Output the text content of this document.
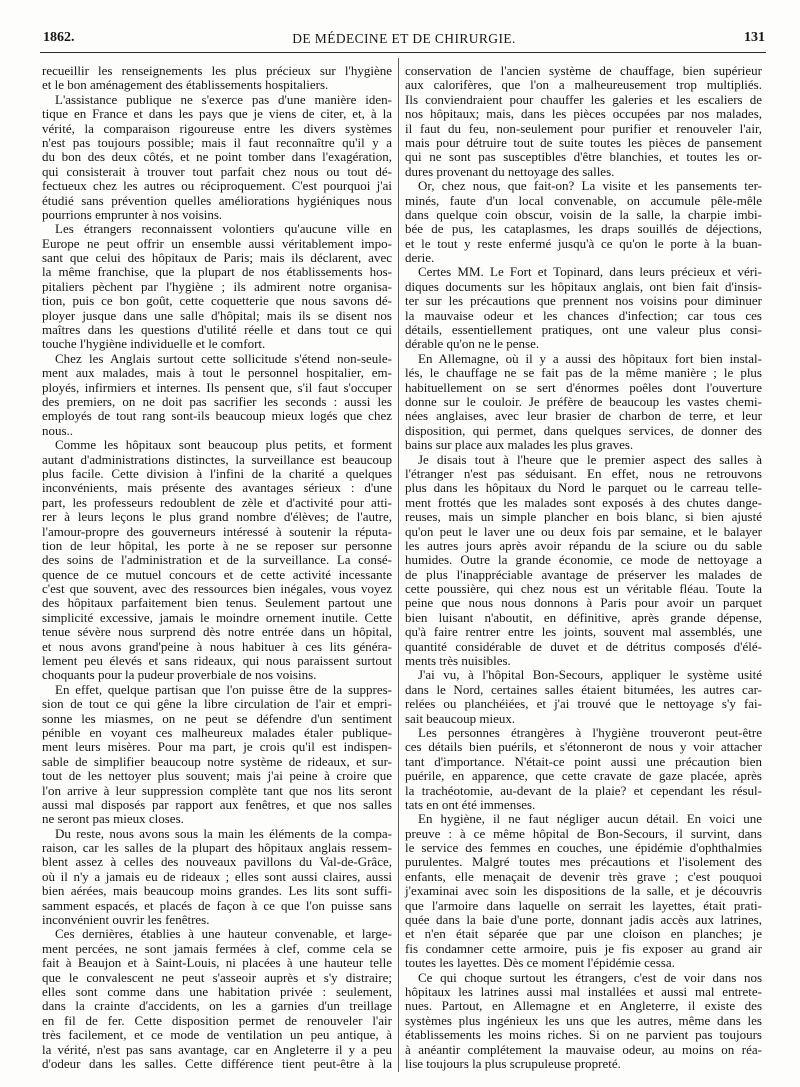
1862.	DE MÉDECINE ET DE CHIRURGIE.	131
recueillir les renseignements les plus précieux sur l'hygiène
et le bon aménagement des établissements hospitaliers.
L'assistance publique ne s'exerce pas d'une manière iden-
tique en France et dans les pays que je viens de citer, et, à la
vérité, la comparaison rigoureuse entre les divers systèmes
n'est pas toujours possible; mais il faut reconnaître qu'il y a
du bon des deux côtés, et ne point tomber dans l'exagération,
qui consisterait à trouver tout parfait chez nous ou tout dé-
fectueux chez les autres ou réciproquement. C'est pourquoi j'ai
étudié sans prévention quelles améliorations hygiéniques nous
pourrions emprunter à nos voisins.
Les étrangers reconnaissent volontiers qu'aucune ville en
Europe ne peut offrir un ensemble aussi véritablement impo-
sant que celui des hôpitaux de Paris; mais ils déclarent, avec
la même franchise, que la plupart de nos établissements hos-
pitaliers pèchent par l'hygiène ; ils admirent notre organisa-
tion, puis ce bon goût, cette coquetterie que nous savons dé-
ployer jusque dans une salle d'hôpital; mais ils se disent nos
maîtres dans les questions d'utilité réelle et dans tout ce qui
touche l'hygiène individuelle et le comfort.
Chez les Anglais surtout cette sollicitude s'étend non-seule-
ment aux malades, mais à tout le personnel hospitalier, em-
ployés, infirmiers et internes. Ils pensent que, s'il faut s'occuper
des premiers, on ne doit pas sacrifier les seconds : aussi les
employés de tout rang sont-ils beaucoup mieux logés que chez
nous..
Comme les hôpitaux sont beaucoup plus petits, et forment
autant d'administrations distinctes, la surveillance est beaucoup
plus facile. Cette division à l'infini de la charité a quelques
inconvénients, mais présente des avantages sérieux : d'une
part, les professeurs redoublent de zèle et d'activité pour atti-
rer à leurs leçons le plus grand nombre d'élèves; de l'autre,
l'amour-propre des gouverneurs intéressé à soutenir la réputa-
tion de leur hôpital, les porte à ne se reposer sur personne
des soins de l'administration et de la surveillance. La consé-
quence de ce mutuel concours et de cette activité incessante
c'est que souvent, avec des ressources bien inégales, vous voyez
des hôpitaux parfaitement bien tenus. Seulement partout une
simplicité excessive, jamais le moindre ornement inutile. Cette
tenue sévère nous surprend dès notre entrée dans un hôpital,
et nous avons grand'peine à nous habituer à ces lits généra-
lement peu élevés et sans rideaux, qui nous paraissent surtout
choquants pour la pudeur proverbiale de nos voisins.
En effet, quelque partisan que l'on puisse être de la suppres-
sion de tout ce qui gêne la libre circulation de l'air et empri-
sonne les miasmes, on ne peut se défendre d'un sentiment
pénible en voyant ces malheureux malades étaler publique-
ment leurs misères. Pour ma part, je crois qu'il est indispen-
sable de simplifier beaucoup notre système de rideaux, et sur-
tout de les nettoyer plus souvent; mais j'ai peine à croire que
l'on arrive à leur suppression complète tant que nos lits seront
aussi mal disposés par rapport aux fenêtres, et que nos salles
ne seront pas mieux closes.
Du reste, nous avons sous la main les éléments de la compa-
raison, car les salles de la plupart des hôpitaux anglais ressem-
blent assez à celles des nouveaux pavillons du Val-de-Grâce,
où il n'y a jamais eu de rideaux ; elles sont aussi claires, aussi
bien aérées, mais beaucoup moins grandes. Les lits sont suffi-
samment espacés, et placés de façon à ce que l'on puisse sans
inconvénient ouvrir les fenêtres.
Ces dernières, établies à une hauteur convenable, et large-
ment percées, ne sont jamais fermées à clef, comme cela se
fait à Beaujon et à Saint-Louis, ni placées à une hauteur telle
que le convalescent ne peut s'asseoir auprès et s'y distraire;
elles sont comme dans une habitation privée : seulement,
dans la crainte d'accidents, on les a garnies d'un treillage
en fil de fer. Cette disposition permet de renouveler l'air
très facilement, et ce mode de ventilation un peu antique, à
la vérité, n'est pas sans avantage, car en Angleterre il y a peu
d'odeur dans les salles. Cette différence tient peut-être à la
conservation de l'ancien système de chauffage, bien supérieur
aux calorifères, que l'on a malheureusement trop multipliés.
Ils conviendraient pour chauffer les galeries et les escaliers de
nos hôpitaux; mais, dans les pièces occupées par nos malades,
il faut du feu, non-seulement pour purifier et renouveler l'air,
mais pour détruire tout de suite toutes les pièces de pansement
qui ne sont pas susceptibles d'être blanchies, et toutes les or-
dures provenant du nettoyage des salles.
Or, chez nous, que fait-on? La visite et les pansements ter-
minés, faute d'un local convenable, on accumule pêle-mêle
dans quelque coin obscur, voisin de la salle, la charpie imbi-
bée de pus, les cataplasmes, les draps souillés de déjections,
et le tout y reste enfermé jusqu'à ce qu'on le porte à la buan-
derie.
Certes MM. Le Fort et Topinard, dans leurs précieux et véri-
diques documents sur les hôpitaux anglais, ont bien fait d'insis-
ter sur les précautions que prennent nos voisins pour diminuer
la mauvaise odeur et les chances d'infection; car tous ces
détails, essentiellement pratiques, ont une valeur plus consi-
dérable qu'on ne le pense.
En Allemagne, où il y a aussi des hôpitaux fort bien instal-
lés, le chauffage ne se fait pas de la même manière ; le plus
habituellement on se sert d'énormes poêles dont l'ouverture
donne sur le couloir. Je préfère de beaucoup les vastes chemi-
nées anglaises, avec leur brasier de charbon de terre, et leur
disposition, qui permet, dans quelques services, de donner des
bains sur place aux malades les plus graves.
Je disais tout à l'heure que le premier aspect des salles à
l'étranger n'est pas séduisant. En effet, nous ne retrouvons
plus dans les hôpitaux du Nord le parquet ou le carreau telle-
ment frottés que les malades sont exposés à des chutes dange-
reuses, mais un simple plancher en bois blanc, si bien ajusté
qu'on peut le laver une ou deux fois par semaine, et le balayer
les autres jours après avoir répandu de la sciure ou du sable
humides. Outre la grande économie, ce mode de nettoyage a
de plus l'inappréciable avantage de préserver les malades de
cette poussière, qui chez nous est un véritable fléau. Toute la
peine que nous nous donnons à Paris pour avoir un parquet
bien luisant n'aboutit, en définitive, après grande dépense,
qu'à faire rentrer entre les joints, souvent mal assemblés, une
quantité considérable de duvet et de détritus composés d'élé-
ments très nuisibles.
J'ai vu, à l'hôpital Bon-Secours, appliquer le système usité
dans le Nord, certaines salles étaient bitumées, les autres car-
relées ou planchéiées, et j'ai trouvé que le nettoyage s'y fai-
sait beaucoup mieux.
Les personnes étrangères à l'hygiène trouveront peut-être
ces détails bien puérils, et s'étonneront de nous y voir attacher
tant d'importance. N'était-ce point aussi une précaution bien
puérile, en apparence, que cette cravate de gaze placée, après
la trachéotomie, au-devant de la plaie? et cependant les résul-
tats en ont été immenses.
En hygiène, il ne faut négliger aucun détail. En voici une
preuve : à ce même hôpital de Bon-Secours, il survint, dans
le service des femmes en couches, une épidémie d'ophthalmies
purulentes. Malgré toutes mes précautions et l'isolement des
enfants, elle menaçait de devenir très grave ; c'est pouquoi
j'examinai avec soin les dispositions de la salle, et je découvris
que l'armoire dans laquelle on serrait les layettes, était prati-
quée dans la baie d'une porte, donnant jadis accès aux latrines,
et n'en était séparée que par une cloison en planches; je
fis condamner cette armoire, puis je fis exposer au grand air
toutes les layettes. Dès ce moment l'épidémie cessa.
Ce qui choque surtout les étrangers, c'est de voir dans nos
hôpitaux les latrines aussi mal installées et aussi mal entrete-
nues. Partout, en Allemagne et en Angleterre, il existe des
systèmes plus ingénieux les uns que les autres, même dans les
établissements les moins riches. Si on ne parvient pas toujours
à anéantir complétement la mauvaise odeur, au moins on réa-
lise toujours la plus scrupuleuse propreté.
